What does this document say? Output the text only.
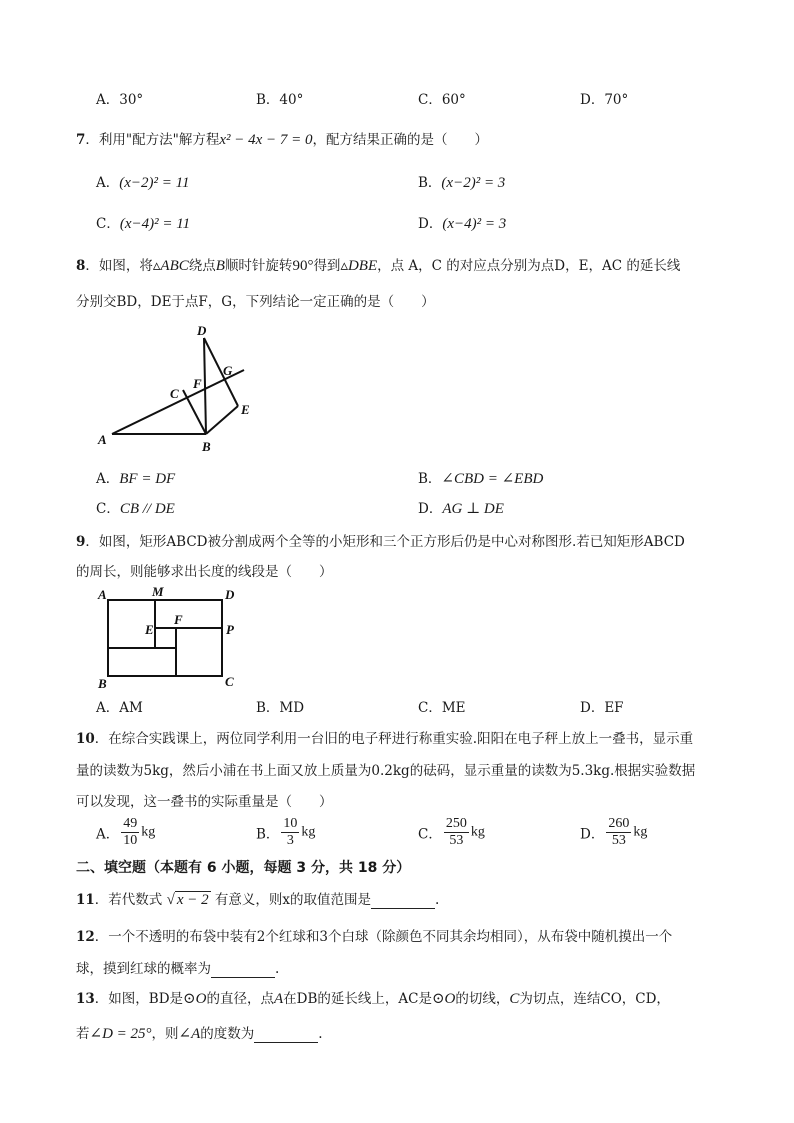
A．30°	B．40°	C．60°	D．70°
7．利用"配方法"解方程x² − 4x − 7 = 0，配方结果正确的是（　　）
A．(x−2)² = 11	B．(x−2)² = 3
C．(x−4)² = 11	D．(x−4)² = 3
8．如图，将▵ABC绕点B顺时针旋转90°得到▵DBE，点 A，C 的对应点分别为点D，E，AC 的延长线
分别交BD，DE于点F，G，下列结论一定正确的是（　　）
A	B
C
D
E
F
G
A．BF = DF	B．∠CBD = ∠EBD
C．CB // DE	D．AG ⊥ DE
9．如图，矩形ABCD被分割成两个全等的小矩形和三个正方形后仍是中心对称图形.若已知矩形ABCD
的周长，则能够求出长度的线段是（　　）
A	M	D
E
F
P
B	C
A．AM	B．MD	C．ME	D．EF
10．在综合实践课上，两位同学利用一台旧的电子秤进行称重实验.阳阳在电子秤上放上一叠书，显示重
量的读数为5kg，然后小浦在书上面又放上质量为0.2kg的砝码，显示重量的读数为5.3kg.根据实验数据
可以发现，这一叠书的实际重量是（　　）
A． $\frac{49}{10}$ kg	B． $\frac{10}{3}$ kg	C． $\frac{250}{53}$ kg	D． $\frac{260}{53}$ kg
二、填空题（本题有 6 小题，每题 3 分，共 18 分）
11．若代数式 √ x − 2 有意义，则x的取值范围是	.
12．一个不透明的布袋中装有2个红球和3个白球（除颜色不同其余均相同），从布袋中随机摸出一个
球，摸到红球的概率为	.
13．如图，BD是⊙O的直径，点A在DB的延长线上，AC是⊙O的切线，C为切点，连结CO，CD，
若∠D = 25°，则∠A的度数为	.
